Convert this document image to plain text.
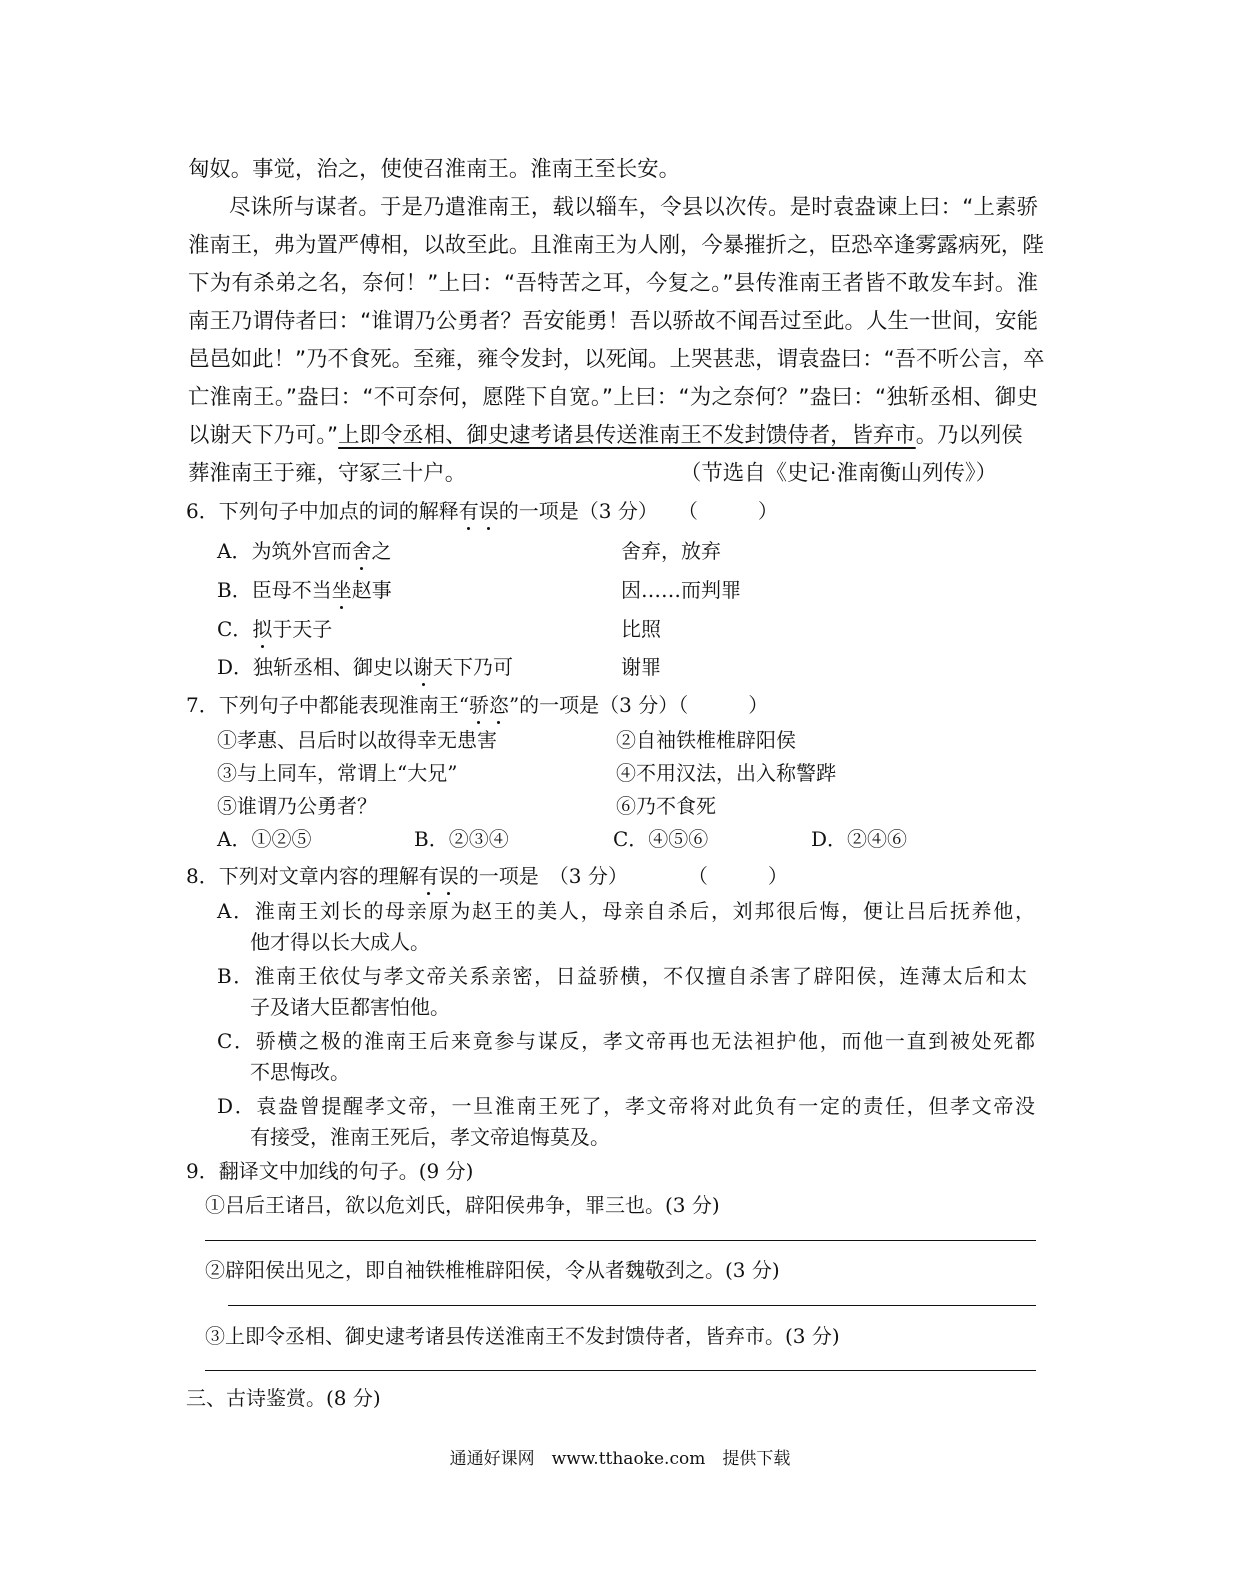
匈奴。事觉，治之，使使召淮南王。淮南王至长安。
尽诛所与谋者。于是乃遣淮南王，载以辎车，令县以次传。是时袁盎谏上曰：“上素骄
淮南王，弗为置严傅相，以故至此。且淮南王为人刚，今暴摧折之，臣恐卒逢雾露病死，陛
下为有杀弟之名，奈何！”上曰：“吾特苦之耳，今复之。”县传淮南王者皆不敢发车封。淮
南王乃谓侍者曰：“谁谓乃公勇者？吾安能勇！吾以骄故不闻吾过至此。人生一世间，安能
邑邑如此！”乃不食死。至雍，雍令发封，以死闻。上哭甚悲，谓袁盎曰：“吾不听公言，卒
亡淮南王。”盎曰：“不可奈何，愿陛下自宽。”上曰：“为之奈何？”盎曰：“独斩丞相、御史
以谢天下乃可。”上即令丞相、御史逮考诸县传送淮南王不发封馈侍者，皆弃市。乃以列侯
葬淮南王于雍，守冢三十户。	（节选自《史记·淮南衡山列传》）
6．下列句子中加点的词的解释有误的一项是（3 分）　　（　　　）
A．为筑外宫而舍之	舍弃，放弃
B．臣母不当坐赵事	因……而判罪
C．拟于天子	比照
D．独斩丞相、御史以谢天下乃可	谢罪
7．下列句子中都能表现淮南王“骄恣”的一项是（3 分）（　　　）
①孝惠、吕后时以故得幸无患害	②自袖铁椎椎辟阳侯
③与上同车，常谓上“大兄”	④不用汉法，出入称警跸
⑤谁谓乃公勇者？	⑥乃不食死
A．①②⑤	B．②③④	C．④⑤⑥	D．②④⑥
8．下列对文章内容的理解有误的一项是　（3 分）　　　　（　　　）
A．淮南王刘长的母亲原为赵王的美人，母亲自杀后，刘邦很后悔，便让吕后抚养他，
他才得以长大成人。
B．淮南王依仗与孝文帝关系亲密，日益骄横，不仅擅自杀害了辟阳侯，连薄太后和太
子及诸大臣都害怕他。
C．骄横之极的淮南王后来竟参与谋反，孝文帝再也无法袒护他，而他一直到被处死都
不思悔改。
D．袁盎曾提醒孝文帝，一旦淮南王死了，孝文帝将对此负有一定的责任，但孝文帝没
有接受，淮南王死后，孝文帝追悔莫及。
9．翻译文中加线的句子。(9 分)
①吕后王诸吕，欲以危刘氏，辟阳侯弗争，罪三也。(3 分)
②辟阳侯出见之，即自袖铁椎椎辟阳侯，令从者魏敬刭之。(3 分)
③上即令丞相、御史逮考诸县传送淮南王不发封馈侍者，皆弃市。(3 分)
三、古诗鉴赏。(8 分)
通通好课网　www.tthaoke.com　提供下载
